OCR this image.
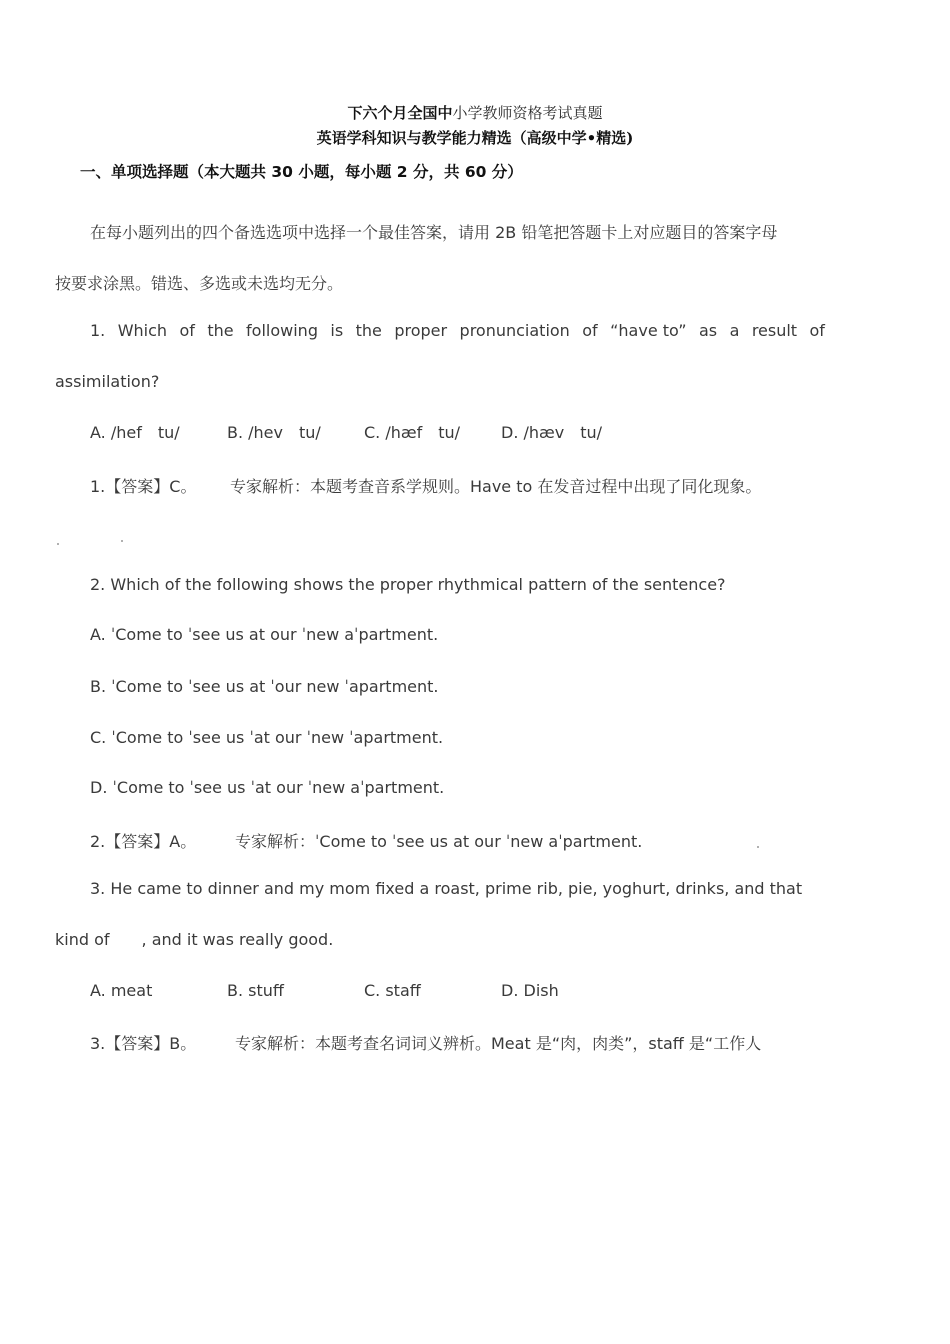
下六个月全国中小学教师资格考试真题
英语学科知识与教学能力精选（高级中学•精选)
一、单项选择题（本大题共 30 小题，每小题 2 分，共 60 分）
在每小题列出的四个备选选项中选择一个最佳答案，请用 2B 铅笔把答题卡上对应题目的答案字母
按要求涂黑。错选、多选或未选均无分。
1. Which of the following is the proper pronunciation of “have to” as a result of
assimilation?
A. /hef tu/	B. /hev tu/	C. /hæf tu/	D. /hæv tu/
1.【答案】C。	专家解析：本题考查音系学规则。Have to 在发音过程中出现了同化现象。
2. Which of the following shows the proper rhythmical pattern of the sentence?
A. ˈCome to ˈsee us at our ˈnew aˈpartment.
B. ˈCome to ˈsee us at ˈour new ˈapartment.
C. ˈCome to ˈsee us ˈat our ˈnew ˈapartment.
D. ˈCome to ˈsee us ˈat our ˈnew aˈpartment.
2.【答案】A。	专家解析：ˈCome to ˈsee us at our ˈnew aˈpartment.
3. He came to dinner and my mom fixed a roast, prime rib, pie, yoghurt, drinks, and that
kind of  , and it was really good.
A. meat	B. stuff	C. staff	D. Dish
3.【答案】B。	专家解析：本题考查名词词义辨析。Meat 是“肉，肉类”，staff 是“工作人
